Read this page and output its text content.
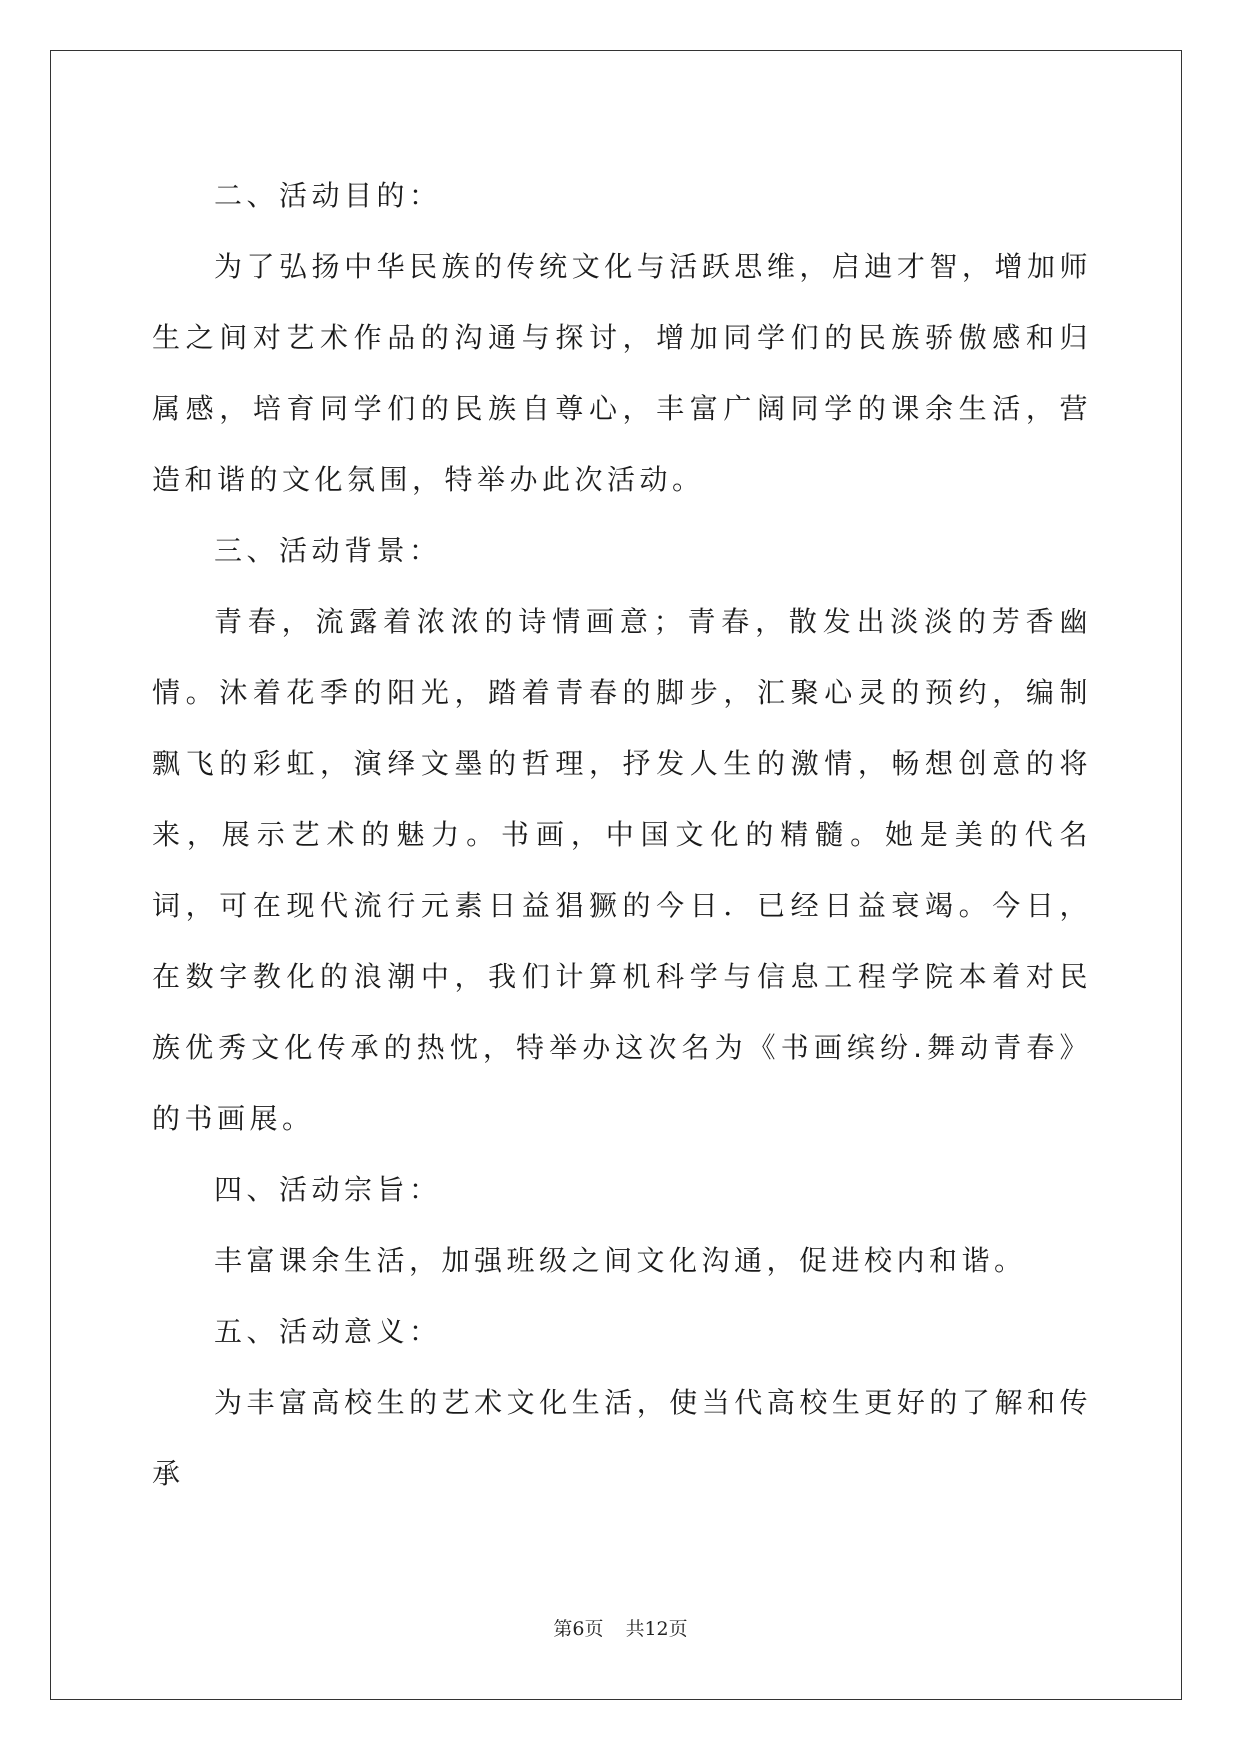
二、活动目的：

为了弘扬中华民族的传统文化与活跃思维，启迪才智，增加师生之间对艺术作品的沟通与探讨，增加同学们的民族骄傲感和归属感，培育同学们的民族自尊心，丰富广阔同学的课余生活，营造和谐的文化氛围，特举办此次活动。

三、活动背景：

青春，流露着浓浓的诗情画意；青春，散发出淡淡的芳香幽情。沐着花季的阳光，踏着青春的脚步，汇聚心灵的预约，编制飘飞的彩虹，演绎文墨的哲理，抒发人生的激情，畅想创意的将来，展示艺术的魅力。书画，中国文化的精髓。她是美的代名词，可在现代流行元素日益猖獗的今日．已经日益衰竭。今日，在数字教化的浪潮中，我们计算机科学与信息工程学院本着对民族优秀文化传承的热忱，特举办这次名为《书画缤纷.舞动青春》的书画展。

四、活动宗旨：

丰富课余生活，加强班级之间文化沟通，促进校内和谐。

五、活动意义：

为丰富高校生的艺术文化生活，使当代高校生更好的了解和传承

第6页 共12页
